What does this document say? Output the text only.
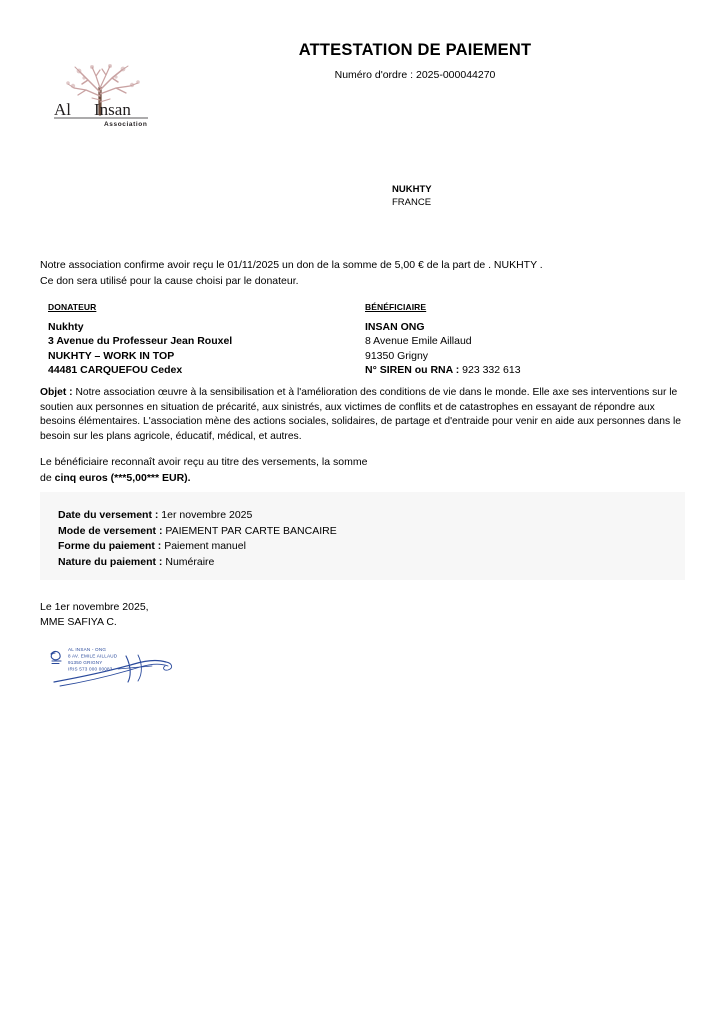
Al Insan
Association
ATTESTATION DE PAIEMENT

Numéro d'ordre : 2025-000044270

NUKHTY
FRANCE
Notre association confirme avoir reçu le 01/11/2025 un don de la somme de 5,00 € de la part de . NUKHTY .
Ce don sera utilisé pour la cause choisi par le donateur.
DONATEUR
Nukhty
3 Avenue du Professeur Jean Rouxel
NUKHTY – WORK IN TOP
44481 CARQUEFOU Cedex
BÉNÉFICIAIRE
INSAN ONG
8 Avenue Emile Aillaud
91350 Grigny
N° SIREN ou RNA : 923 332 613
Objet : Notre association œuvre à la sensibilisation et à l'amélioration des conditions de vie dans le monde. Elle axe ses interventions sur le soutien aux personnes en situation de précarité, aux sinistrés, aux victimes de conflits et de catastrophes en essayant de répondre aux besoins élémentaires. L'association mène des actions sociales, solidaires, de partage et d'entraide pour venir en aide aux personnes dans le besoin sur les plans agricole, éducatif, médical, et autres.
Le bénéficiaire reconnaît avoir reçu au titre des versements, la somme
de cinq euros (***5,00*** EUR).
Date du versement : 1er novembre 2025
Mode de versement : PAIEMENT PAR CARTE BANCAIRE
Forme du paiement : Paiement manuel
Nature du paiement : Numéraire
Le 1er novembre 2025,
MME SAFIYA C.
AL INSAN - ONG
8 AV. EMILE AILLAUD
91350 GRIGNY
IRIS 573 000 00083
